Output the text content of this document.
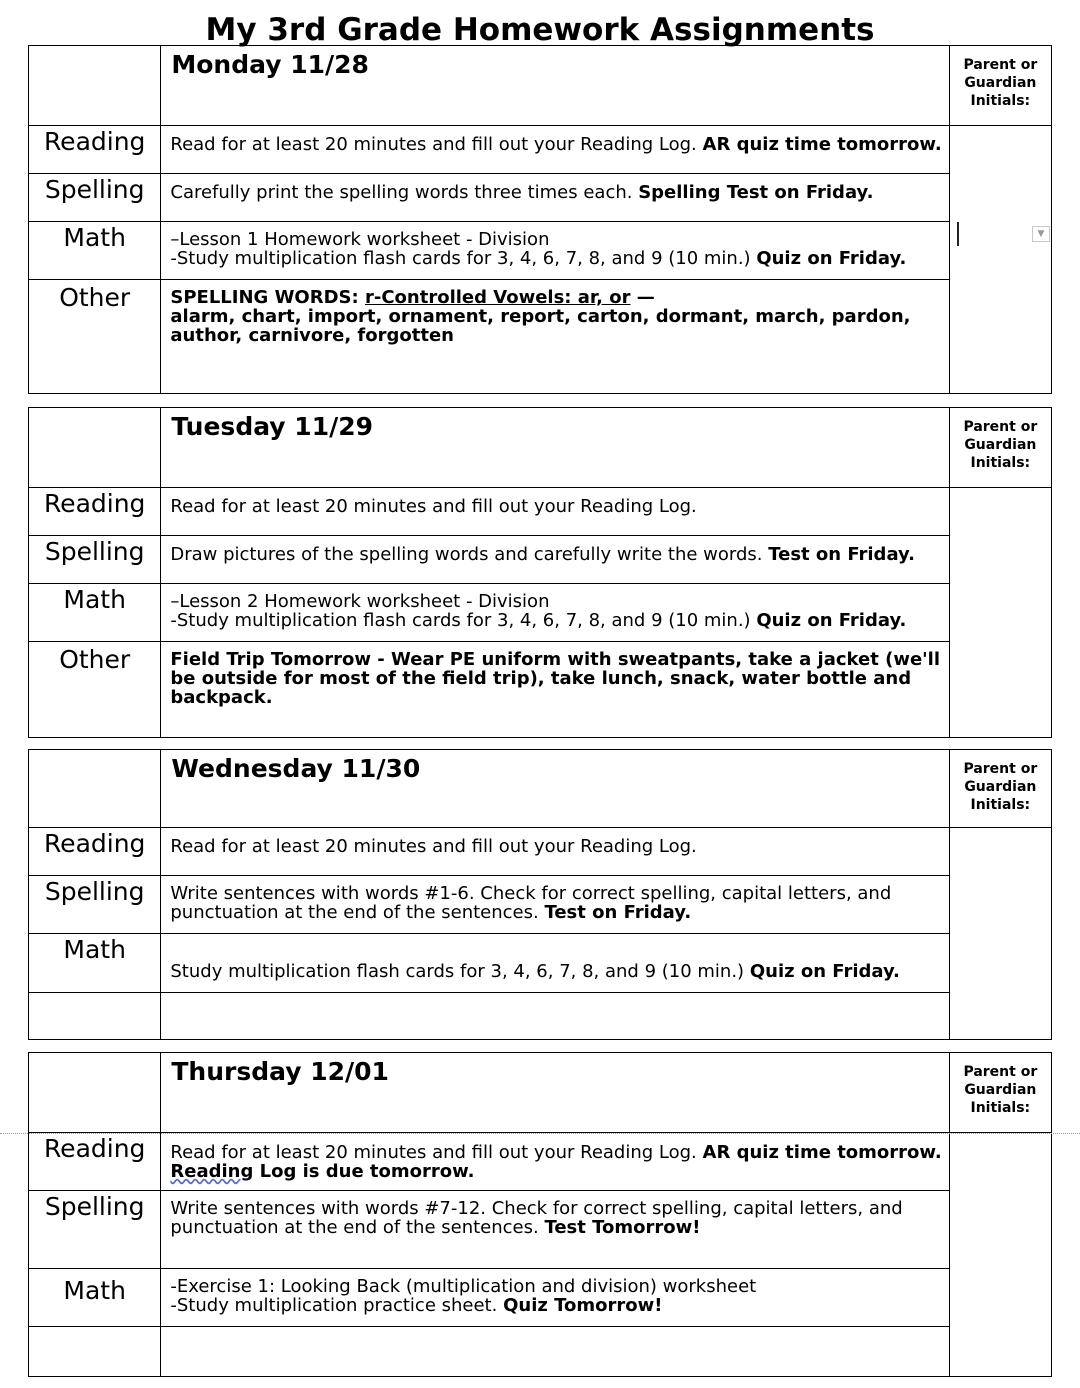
My 3rd Grade Homework Assignments
	Monday 11/28	Parent or
Guardian
Initials:

Reading	Read for at least 20 minutes and fill out your Reading Log. AR quiz time tomorrow.	
Spelling	Carefully print the spelling words three times each. Spelling Test on Friday.	
Math	–Lesson 1 Homework worksheet - Division
-Study multiplication flash cards for 3, 4, 6, 7, 8, and 9 (10 min.) Quiz on Friday.	

Other	SPELLING WORDS: r-Controlled Vowels: ar, or —
alarm, chart, import, ornament, report, carton, dormant, march, pardon,
author, carnivore, forgotten	
▼
	Tuesday 11/29	Parent or
Guardian
Initials:

Reading	Read for at least 20 minutes and fill out your Reading Log.	
Spelling	Draw pictures of the spelling words and carefully write the words. Test on Friday.	
Math	–Lesson 2 Homework worksheet - Division
-Study multiplication flash cards for 3, 4, 6, 7, 8, and 9 (10 min.) Quiz on Friday.	

Other	Field Trip Tomorrow - Wear PE uniform with sweatpants, take a jacket (we'll
be outside for most of the field trip), take lunch, snack, water bottle and
backpack.	
	Wednesday 11/30	Parent or
Guardian
Initials:

Reading	Read for at least 20 minutes and fill out your Reading Log.	
Spelling	Write sentences with words #1-6. Check for correct spelling, capital letters, and
punctuation at the end of the sentences. Test on Friday.	

Math	Study multiplication flash cards for 3, 4, 6, 7, 8, and 9 (10 min.) Quiz on Friday.	

	Thursday 12/01	Parent or
Guardian
Initials:

Reading	Read for at least 20 minutes and fill out your Reading Log. AR quiz time tomorrow.
Reading Log is due tomorrow.	

Spelling	Write sentences with words #7-12. Check for correct spelling, capital letters, and
punctuation at the end of the sentences. Test Tomorrow!	

Math	-Exercise 1: Looking Back (multiplication and division) worksheet
-Study multiplication practice sheet. Quiz Tomorrow!	
